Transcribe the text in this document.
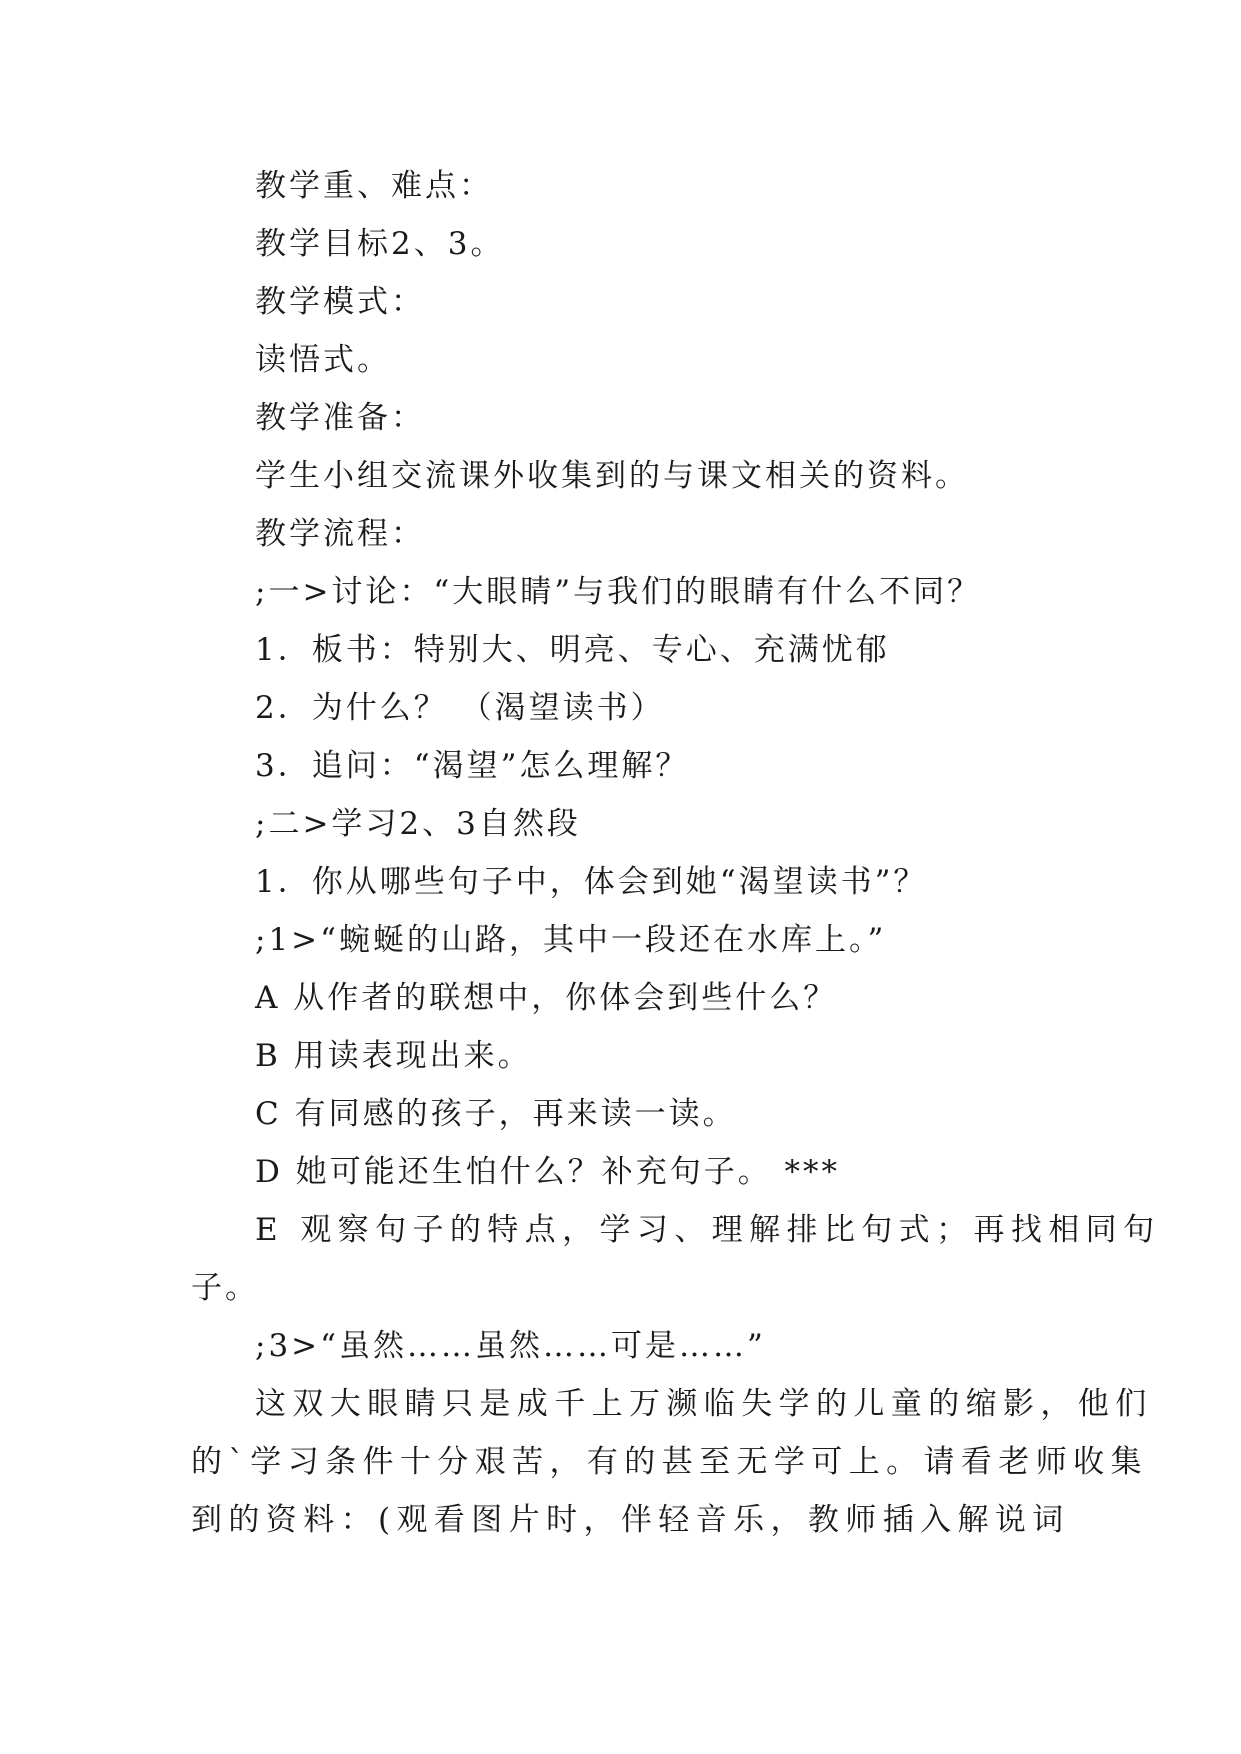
教学重、难点：
教学目标2、3。
教学模式：
读悟式。
教学准备：
学生小组交流课外收集到的与课文相关的资料。
教学流程：
;一>讨论：“大眼睛”与我们的眼睛有什么不同？
1．板书：特别大、明亮、专心、充满忧郁
2．为什么？ （渴望读书）
3．追问：“渴望”怎么理解？
;二>学习2、3自然段
1．你从哪些句子中，体会到她“渴望读书”？
;1>“蜿蜒的山路，其中一段还在水库上。”
A 从作者的联想中，你体会到些什么？
B 用读表现出来。
C 有同感的孩子，再来读一读。
D 她可能还生怕什么？补充句子。 ***
E 观察句子的特点，学习、理解排比句式；再找相同句
子。
;3>“虽然……虽然……可是……”
这双大眼睛只是成千上万濒临失学的儿童的缩影，他们
的`学习条件十分艰苦，有的甚至无学可上。请看老师收集
到的资料：(观看图片时，伴轻音乐，教师插入解说词
